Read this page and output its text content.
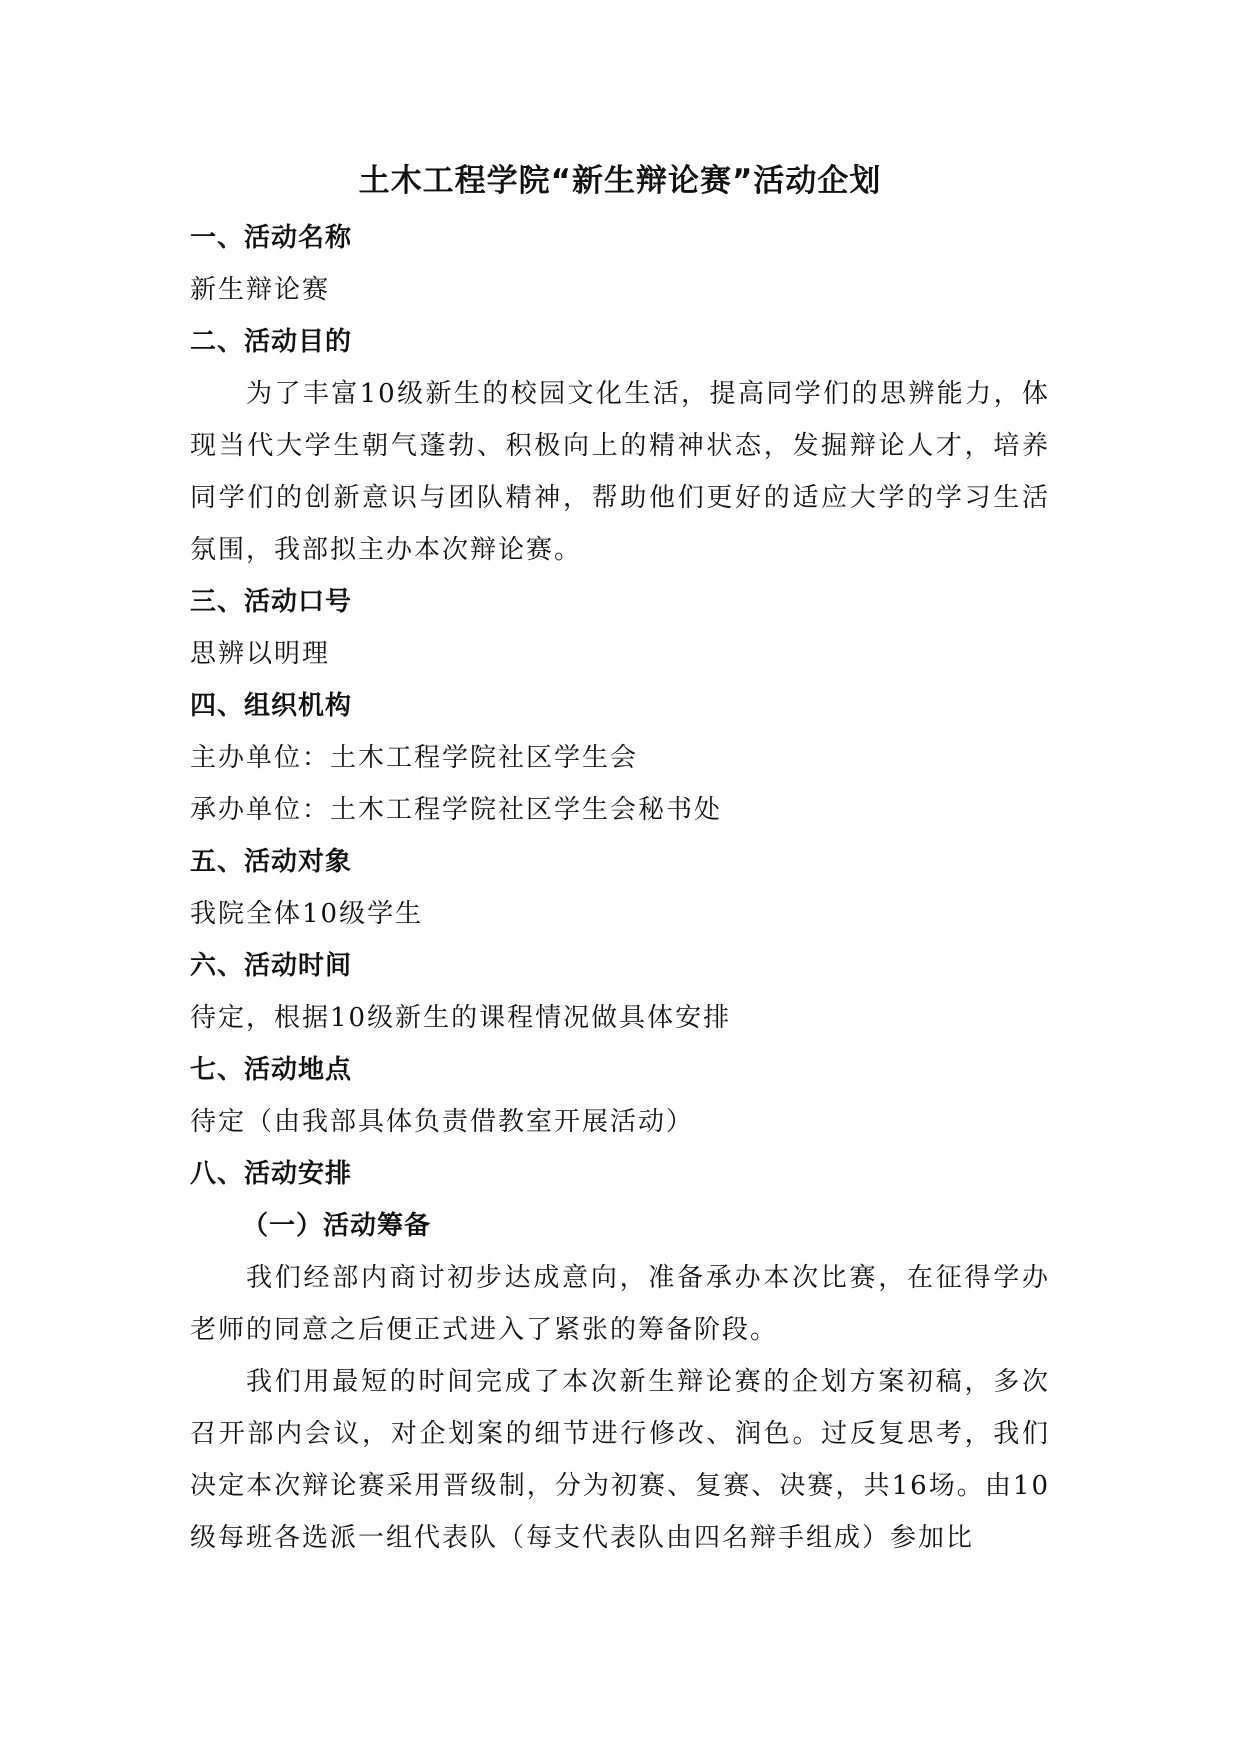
土木工程学院“新生辩论赛”活动企划
一、活动名称
新生辩论赛
二、活动目的
为了丰富10级新生的校园文化生活，提高同学们的思辨能力，体现当代大学生朝气蓬勃、积极向上的精神状态，发掘辩论人才，培养同学们的创新意识与团队精神，帮助他们更好的适应大学的学习生活氛围，我部拟主办本次辩论赛。
三、活动口号
思辨以明理
四、组织机构
主办单位：土木工程学院社区学生会
承办单位：土木工程学院社区学生会秘书处
五、活动对象
我院全体10级学生
六、活动时间
待定，根据10级新生的课程情况做具体安排
七、活动地点
待定（由我部具体负责借教室开展活动）
八、活动安排
（一）活动筹备
我们经部内商讨初步达成意向，准备承办本次比赛，在征得学办老师的同意之后便正式进入了紧张的筹备阶段。
我们用最短的时间完成了本次新生辩论赛的企划方案初稿，多次召开部内会议，对企划案的细节进行修改、润色。过反复思考，我们决定本次辩论赛采用晋级制，分为初赛、复赛、决赛，共16场。由10级每班各选派一组代表队（每支代表队由四名辩手组成）参加比
